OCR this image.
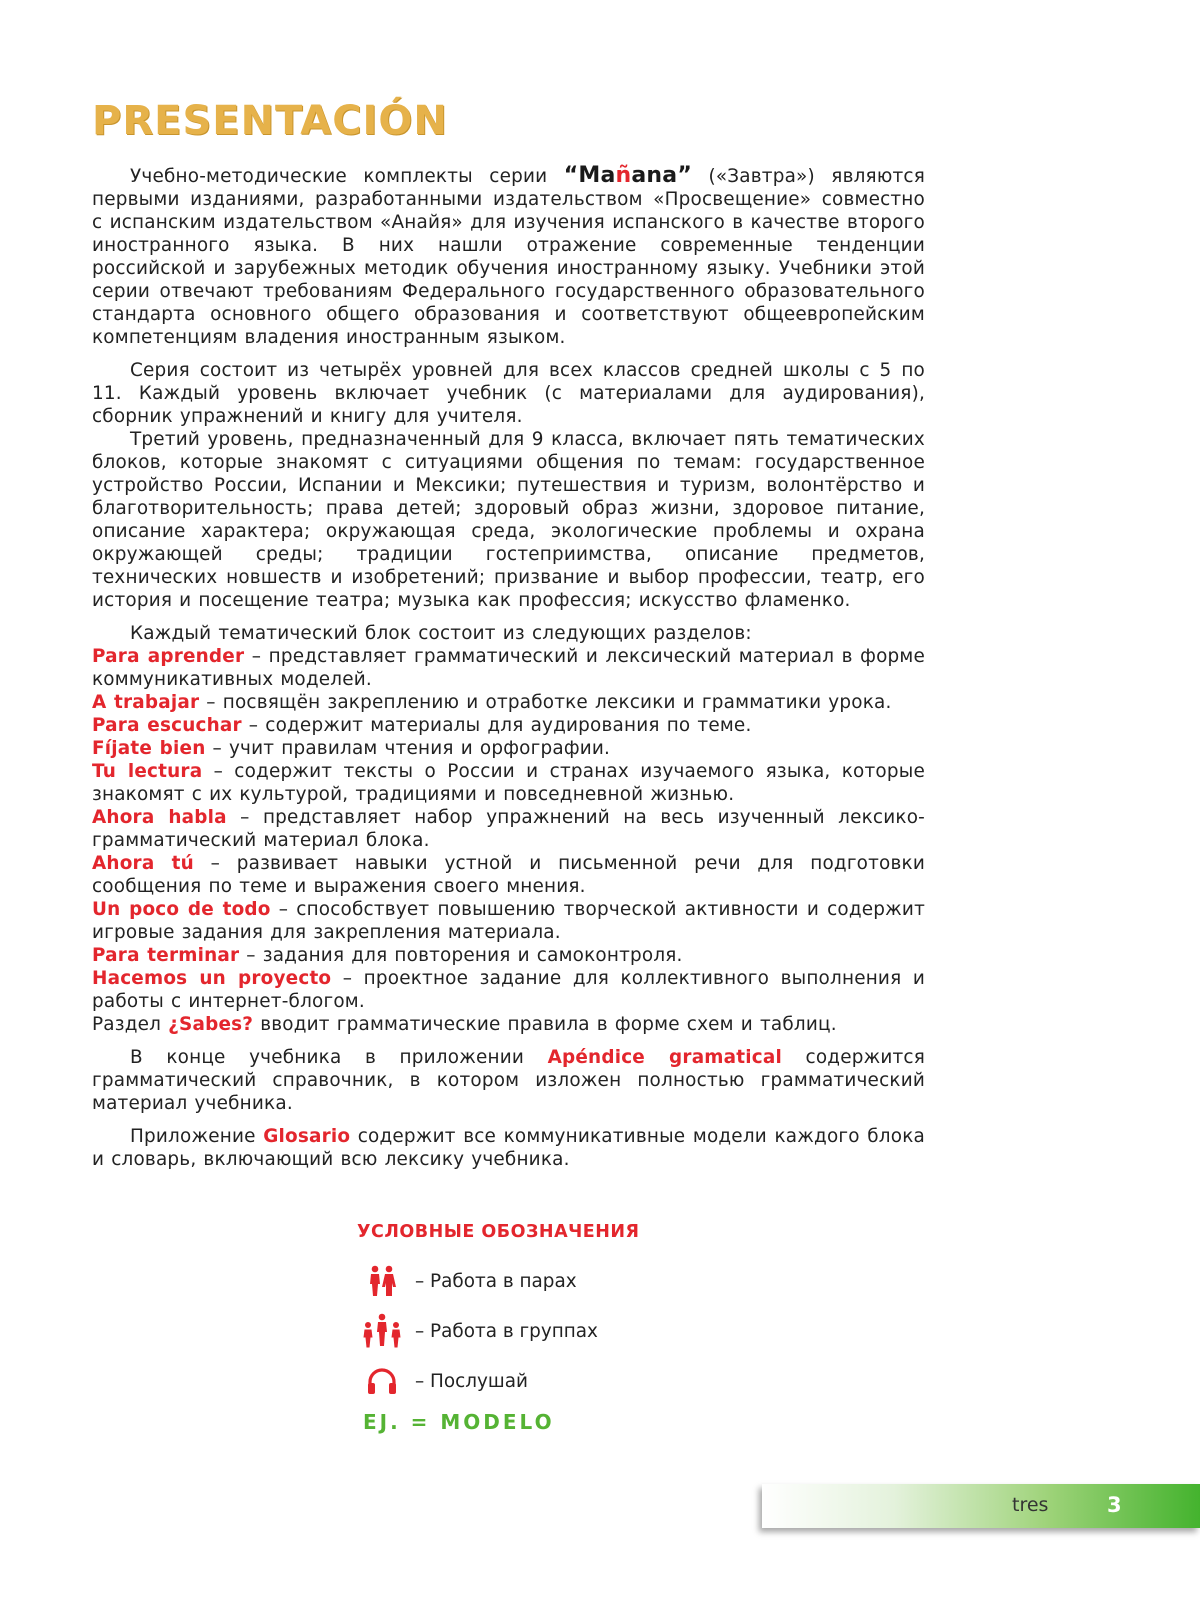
PRESENTACIÓN

Учебно-методические комплекты серии “Mañana” («Завтра») являются первыми изданиями, разработанными издательством «Просвещение» совместно с испанским издательством «Анайя» для изучения испанского в качестве второго иностранного языка. В них нашли отражение современные тенденции российской и зарубежных методик обучения иностранному языку. Учебники этой серии отвечают требованиям Федерального государственного образовательного стандарта основного общего образования и соответствуют общеевропейским компетенциям владения иностранным языком.

Серия состоит из четырёх уровней для всех классов средней школы с 5 по 11. Каждый уровень включает учебник (с материалами для аудирования), сборник упражнений и книгу для учителя.

Третий уровень, предназначенный для 9 класса, включает пять тематических блоков, которые знакомят с ситуациями общения по темам: государственное устройство России, Испании и Мексики; путешествия и туризм, волонтёрство и благотворительность; права детей; здоровый образ жизни, здоровое питание, описание характера; окружающая среда, экологические проблемы и охрана окружающей среды; традиции гостеприимства, описание предметов, технических новшеств и изобретений; призвание и выбор профессии, театр, его история и посещение театра; музыка как профессия; искусство фламенко.

Каждый тематический блок состоит из следующих разделов:

Para aprender – представляет грамматический и лексический материал в форме коммуникативных моделей.

A trabajar – посвящён закреплению и отработке лексики и грамматики урока.

Para escuchar – содержит материалы для аудирования по теме.

Fíjate bien – учит правилам чтения и орфографии.

Tu lectura – содержит тексты о России и странах изучаемого языка, которые знакомят с их культурой, традициями и повседневной жизнью.

Ahora habla – представляет набор упражнений на весь изученный лексико-грамматический материал блока.

Ahora tú – развивает навыки устной и письменной речи для подготовки сообщения по теме и выражения своего мнения.

Un poco de todo – способствует повышению творческой активности и содержит игровые задания для закрепления материала.

Para terminar – задания для повторения и самоконтроля.

Hacemos un proyecto – проектное задание для коллективного выполнения и работы с интернет-блогом.

Раздел ¿Sabes? вводит грамматические правила в форме схем и таблиц.

В конце учебника в приложении Apéndice gramatical содержится грамматический справочник, в котором изложен полностью грамматический материал учебника.

Приложение Glosario содержит все коммуникативные модели каждого блока и словарь, включающий всю лексику учебника.

УСЛОВНЫЕ ОБОЗНАЧЕНИЯ
– Работа в парах
– Работа в группах
– Послушай
EJ. = MODELO
tres	3
